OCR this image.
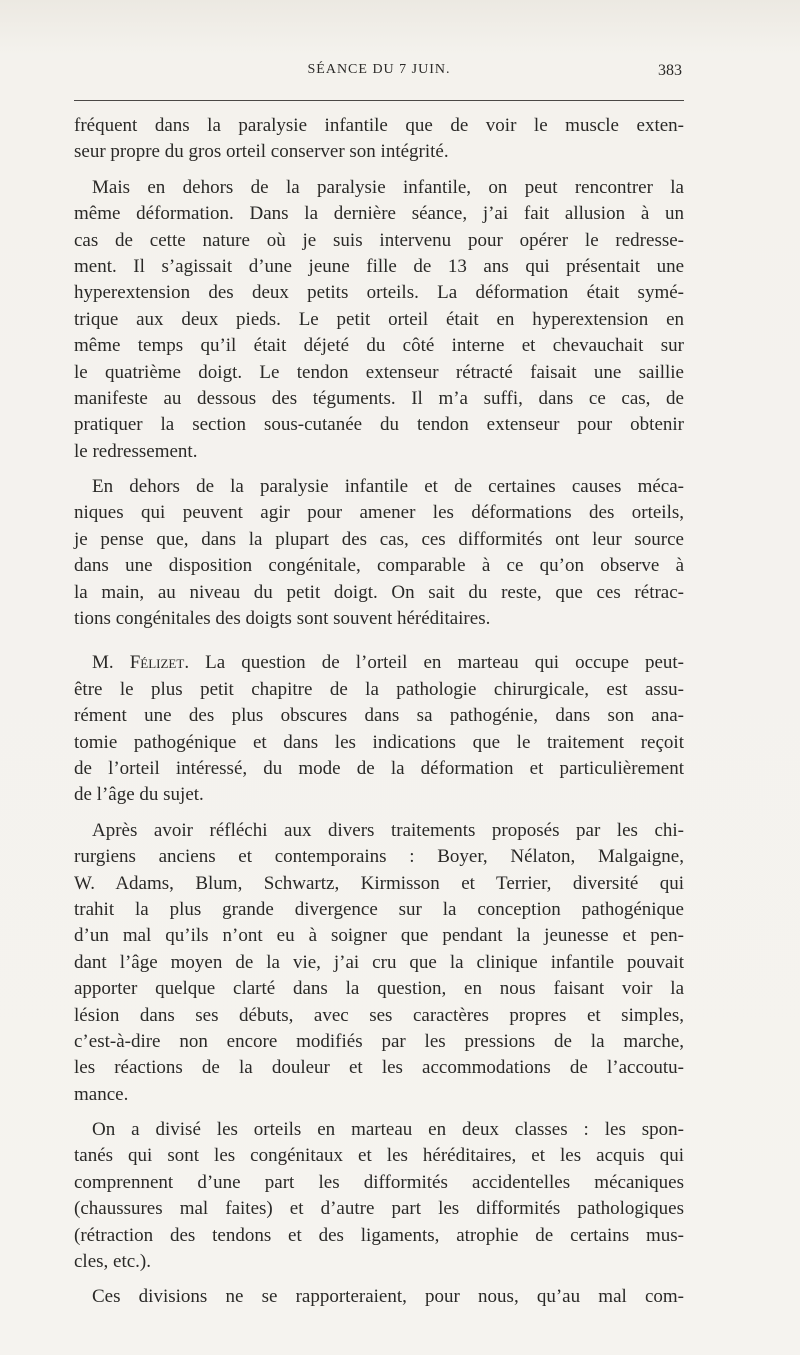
SÉANCE DU 7 JUIN.	383
fréquent dans la paralysie infantile que de voir le muscle exten-
seur propre du gros orteil conserver son intégrité.
Mais en dehors de la paralysie infantile, on peut rencontrer la
même déformation. Dans la dernière séance, j’ai fait allusion à un
cas de cette nature où je suis intervenu pour opérer le redresse-
ment. Il s’agissait d’une jeune fille de 13 ans qui présentait une
hyperextension des deux petits orteils. La déformation était symé-
trique aux deux pieds. Le petit orteil était en hyperextension en
même temps qu’il était déjeté du côté interne et chevauchait sur
le quatrième doigt. Le tendon extenseur rétracté faisait une saillie
manifeste au dessous des téguments. Il m’a suffi, dans ce cas, de
pratiquer la section sous-cutanée du tendon extenseur pour obtenir
le redressement.
En dehors de la paralysie infantile et de certaines causes méca-
niques qui peuvent agir pour amener les déformations des orteils,
je pense que, dans la plupart des cas, ces difformités ont leur source
dans une disposition congénitale, comparable à ce qu’on observe à
la main, au niveau du petit doigt. On sait du reste, que ces rétrac-
tions congénitales des doigts sont souvent héréditaires.
M. Félizet. La question de l’orteil en marteau qui occupe peut-
être le plus petit chapitre de la pathologie chirurgicale, est assu-
rément une des plus obscures dans sa pathogénie, dans son ana-
tomie pathogénique et dans les indications que le traitement reçoit
de l’orteil intéressé, du mode de la déformation et particulièrement
de l’âge du sujet.
Après avoir réfléchi aux divers traitements proposés par les chi-
rurgiens anciens et contemporains : Boyer, Nélaton, Malgaigne,
W. Adams, Blum, Schwartz, Kirmisson et Terrier, diversité qui
trahit la plus grande divergence sur la conception pathogénique
d’un mal qu’ils n’ont eu à soigner que pendant la jeunesse et pen-
dant l’âge moyen de la vie, j’ai cru que la clinique infantile pouvait
apporter quelque clarté dans la question, en nous faisant voir la
lésion dans ses débuts, avec ses caractères propres et simples,
c’est-à-dire non encore modifiés par les pressions de la marche,
les réactions de la douleur et les accommodations de l’accoutu-
mance.
On a divisé les orteils en marteau en deux classes : les spon-
tanés qui sont les congénitaux et les héréditaires, et les acquis qui
comprennent d’une part les difformités accidentelles mécaniques
(chaussures mal faites) et d’autre part les difformités pathologiques
(rétraction des tendons et des ligaments, atrophie de certains mus-
cles, etc.).
Ces divisions ne se rapporteraient, pour nous, qu’au mal com-
